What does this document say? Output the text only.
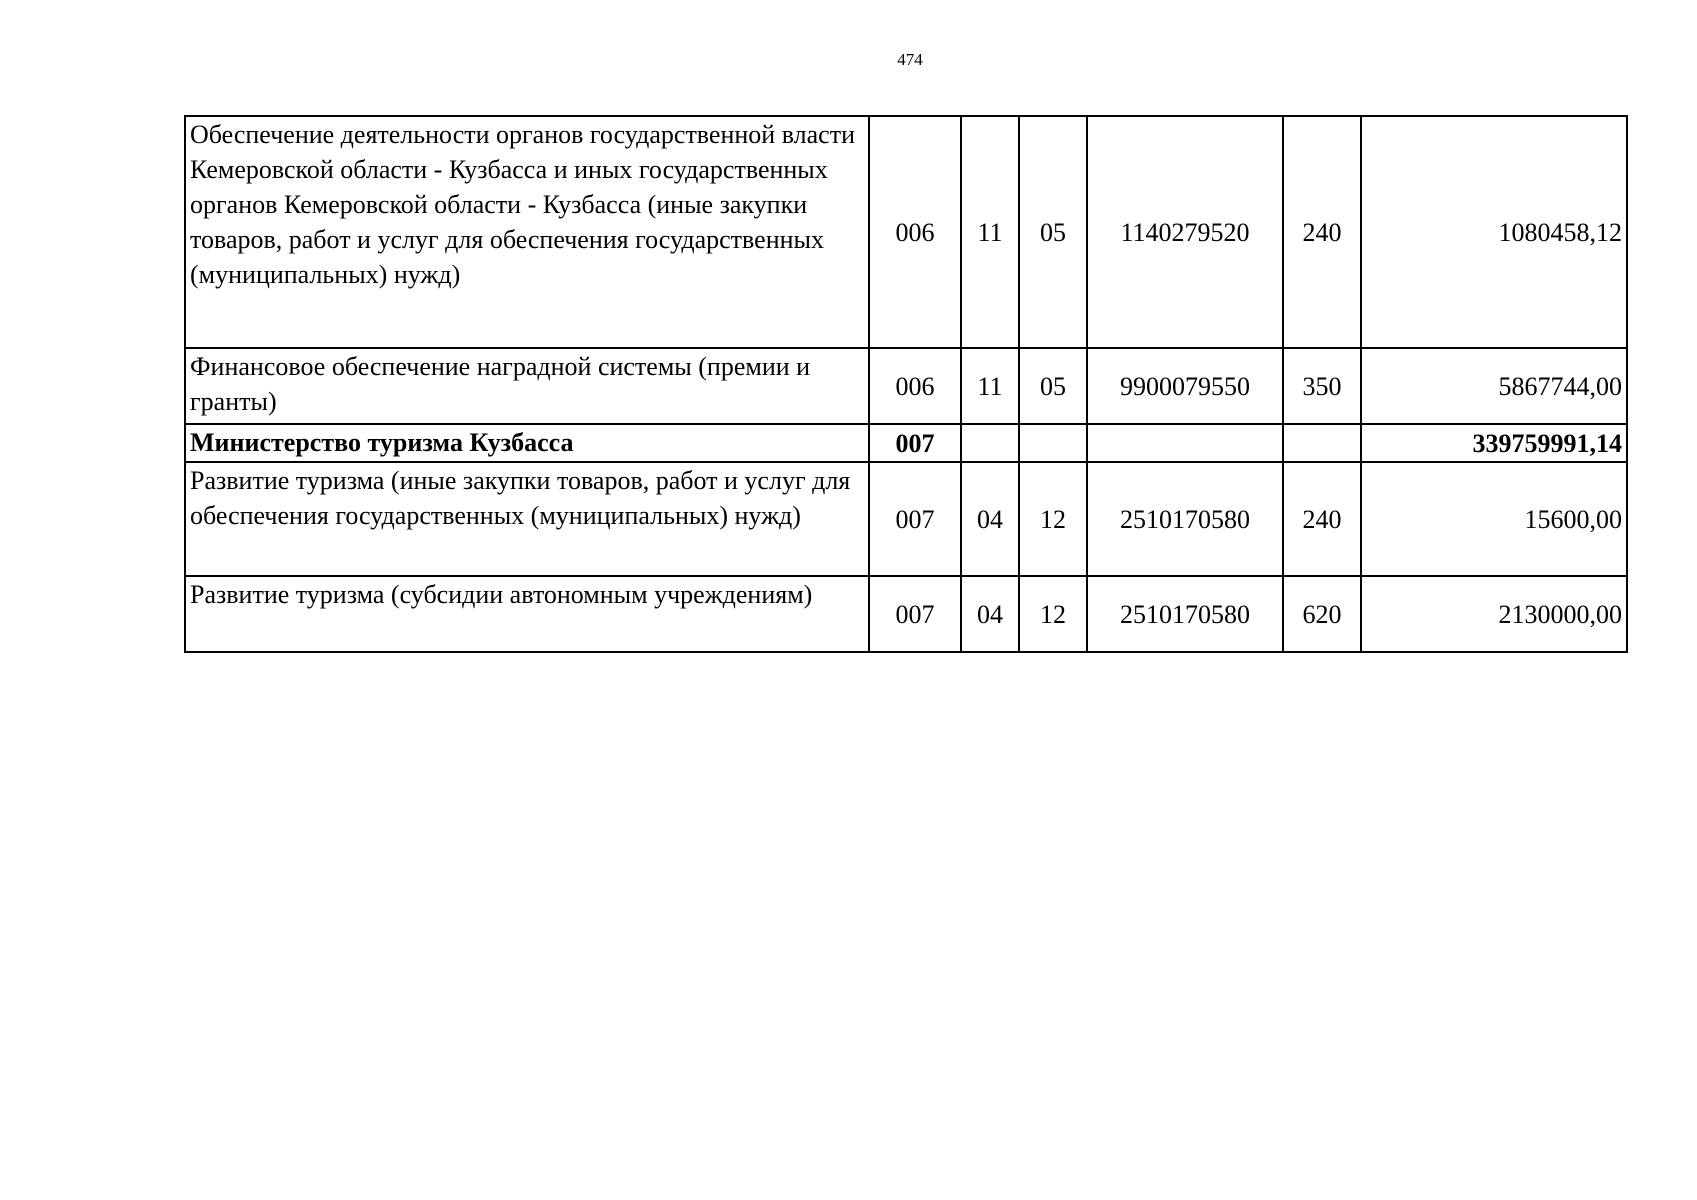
474
Обеспечение деятельности органов государственной власти Кемеровской области - Кузбасса и иных государственных органов Кемеровской области - Кузбасса (иные закупки товаров, работ и услуг для обеспечения государственных (муниципальных) нужд)	006	11	05	1140279520	240	1080458,12
Финансовое обеспечение наградной системы (премии и гранты)	006	11	05	9900079550	350	5867744,00
Министерство туризма Кузбасса	007					339759991,14
Развитие туризма (иные закупки товаров, работ и услуг для обеспечения государственных (муниципальных) нужд)	007	04	12	2510170580	240	15600,00
Развитие туризма (субсидии автономным учреждениям)	007	04	12	2510170580	620	2130000,00
